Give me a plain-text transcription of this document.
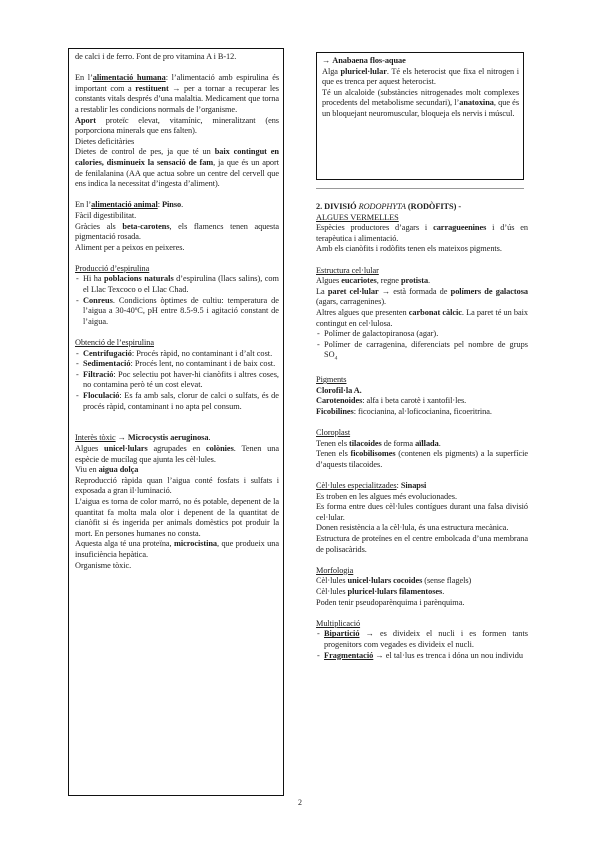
de calci i de ferro. Font de pro vitamina A i B-12.

En l’alimentació humana: l’alimentació amb espirulina és important com a restituent → per a tornar a recuperar les constants vitals després d’una malaltia. Medicament que torna a restablir les condicions normals de l’organisme.

Aport proteïc elevat, vitamínic, mineralitzant (ens porporciona minerals que ens falten).

Dietes deficitàries

Dietes de control de pes, ja que té un baix contingut en calories, disminueix la sensació de fam, ja que és un aport de fenilalanina (AA que actua sobre un centre del cervell que ens indica la necessitat d’ingesta d’aliment).

En l’alimentació animal: Pinso.

Fàcil digestibilitat.

Gràcies als beta-carotens, els flamencs tenen aquesta pigmentació rosada.

Aliment per a peixos en peixeres.

Producció d’espirulina

- Hi ha poblacions naturals d’espirulina (llacs salins), com el Llac Texcoco o el Llac Chad.
- Conreus. Condicions òptimes de cultiu: temperatura de l’aigua a 30-40ºC, pH entre 8.5-9.5 i agitació constant de l’aigua.

Obtenció de l’espirulina

- Centrifugació: Procés ràpid, no contaminant i d’alt cost.
- Sedimentació: Procés lent, no contaminant i de baix cost.
- Filtració: Poc selectiu pot haver-hi cianòfits i altres coses, no contamina però té un cost elevat.
- Floculació: Es fa amb sals, clorur de calci o sulfats, és de procés ràpid, contaminant i no apta pel consum.

Interès tòxic → Microcystis aeruginosa.

Algues unicel·lulars agrupades en colònies. Tenen una espècie de mucílag que ajunta les cèl·lules.

Viu en aigua dolça

Reproducció ràpida quan l’aigua conté fosfats i sulfats i exposada a gran il·luminació.

L’aigua es torna de color marró, no és potable, depenent de la quantitat fa molta mala olor i depenent de la quantitat de cianòfit si és ingerida per animals domèstics pot produir la mort. En persones humanes no consta.

Aquesta alga té una proteïna, microcistina, que produeix una insuficiència hepàtica.

Organisme tòxic.

→ Anabaena flos-aquae

Alga pluricel·lular. Té els heterocist que fixa el nitrogen i que es trenca per aquest heterocist.

Té un alcaloide (substàncies nitrogenades molt complexes procedents del metabolisme secundari), l’anatoxina, que és un bloquejant neuromuscular, bloqueja els nervis i múscul.

2. DIVISIÓ RODOPHYTA (RODÒFITS) -

ALGUES VERMELLES

Espècies productores d’agars i carragueenines i d’ús en terapèutica i alimentació.

Amb els cianòfits i rodòfits tenen els mateixos pigments.

Estructura cel·lular

Algues eucariotes, regne protista.

La paret cel·lular → està formada de polímers de galactosa (agars, carragenines).

Altres algues que presenten carbonat càlcic. La paret té un baix contingut en cel·lulosa.

- Polímer de galactopiranosa (agar).
- Polímer de carragenina, diferenciats pel nombre de grups $SO_4$

Pigments

Clorofil·la A.

Carotenoides: alfa i beta carotè i xantofil·les.

Ficobilines: ficocianina, al·loficocianina, ficoeritrina.

Cloroplast

Tenen els tilacoides de forma aïllada.

Tenen els ficobilisomes (contenen els pigments) a la superfície d’aquests tilacoides.

Cèl·lules especialitzades: Sinapsi

Es troben en les algues més evolucionades.

Es forma entre dues cèl·lules contígues durant una falsa divisió cel·lular.

Donen resistència a la cèl·lula, és una estructura mecànica.

Estructura de proteïnes en el centre embolcada d’una membrana de polisacàrids.

Morfologia

Cèl·lules unicel·lulars cocoides (sense flagels)

Cèl·lules pluricel·lulars filamentoses.

Poden tenir pseudoparènquima i parènquima.

Multiplicació

- Bipartició → es divideix el nucli i es formen tants progenitors com vegades es divideix el nucli.
- Fragmentació → el tal·lus es trenca i dóna un nou individu
2
